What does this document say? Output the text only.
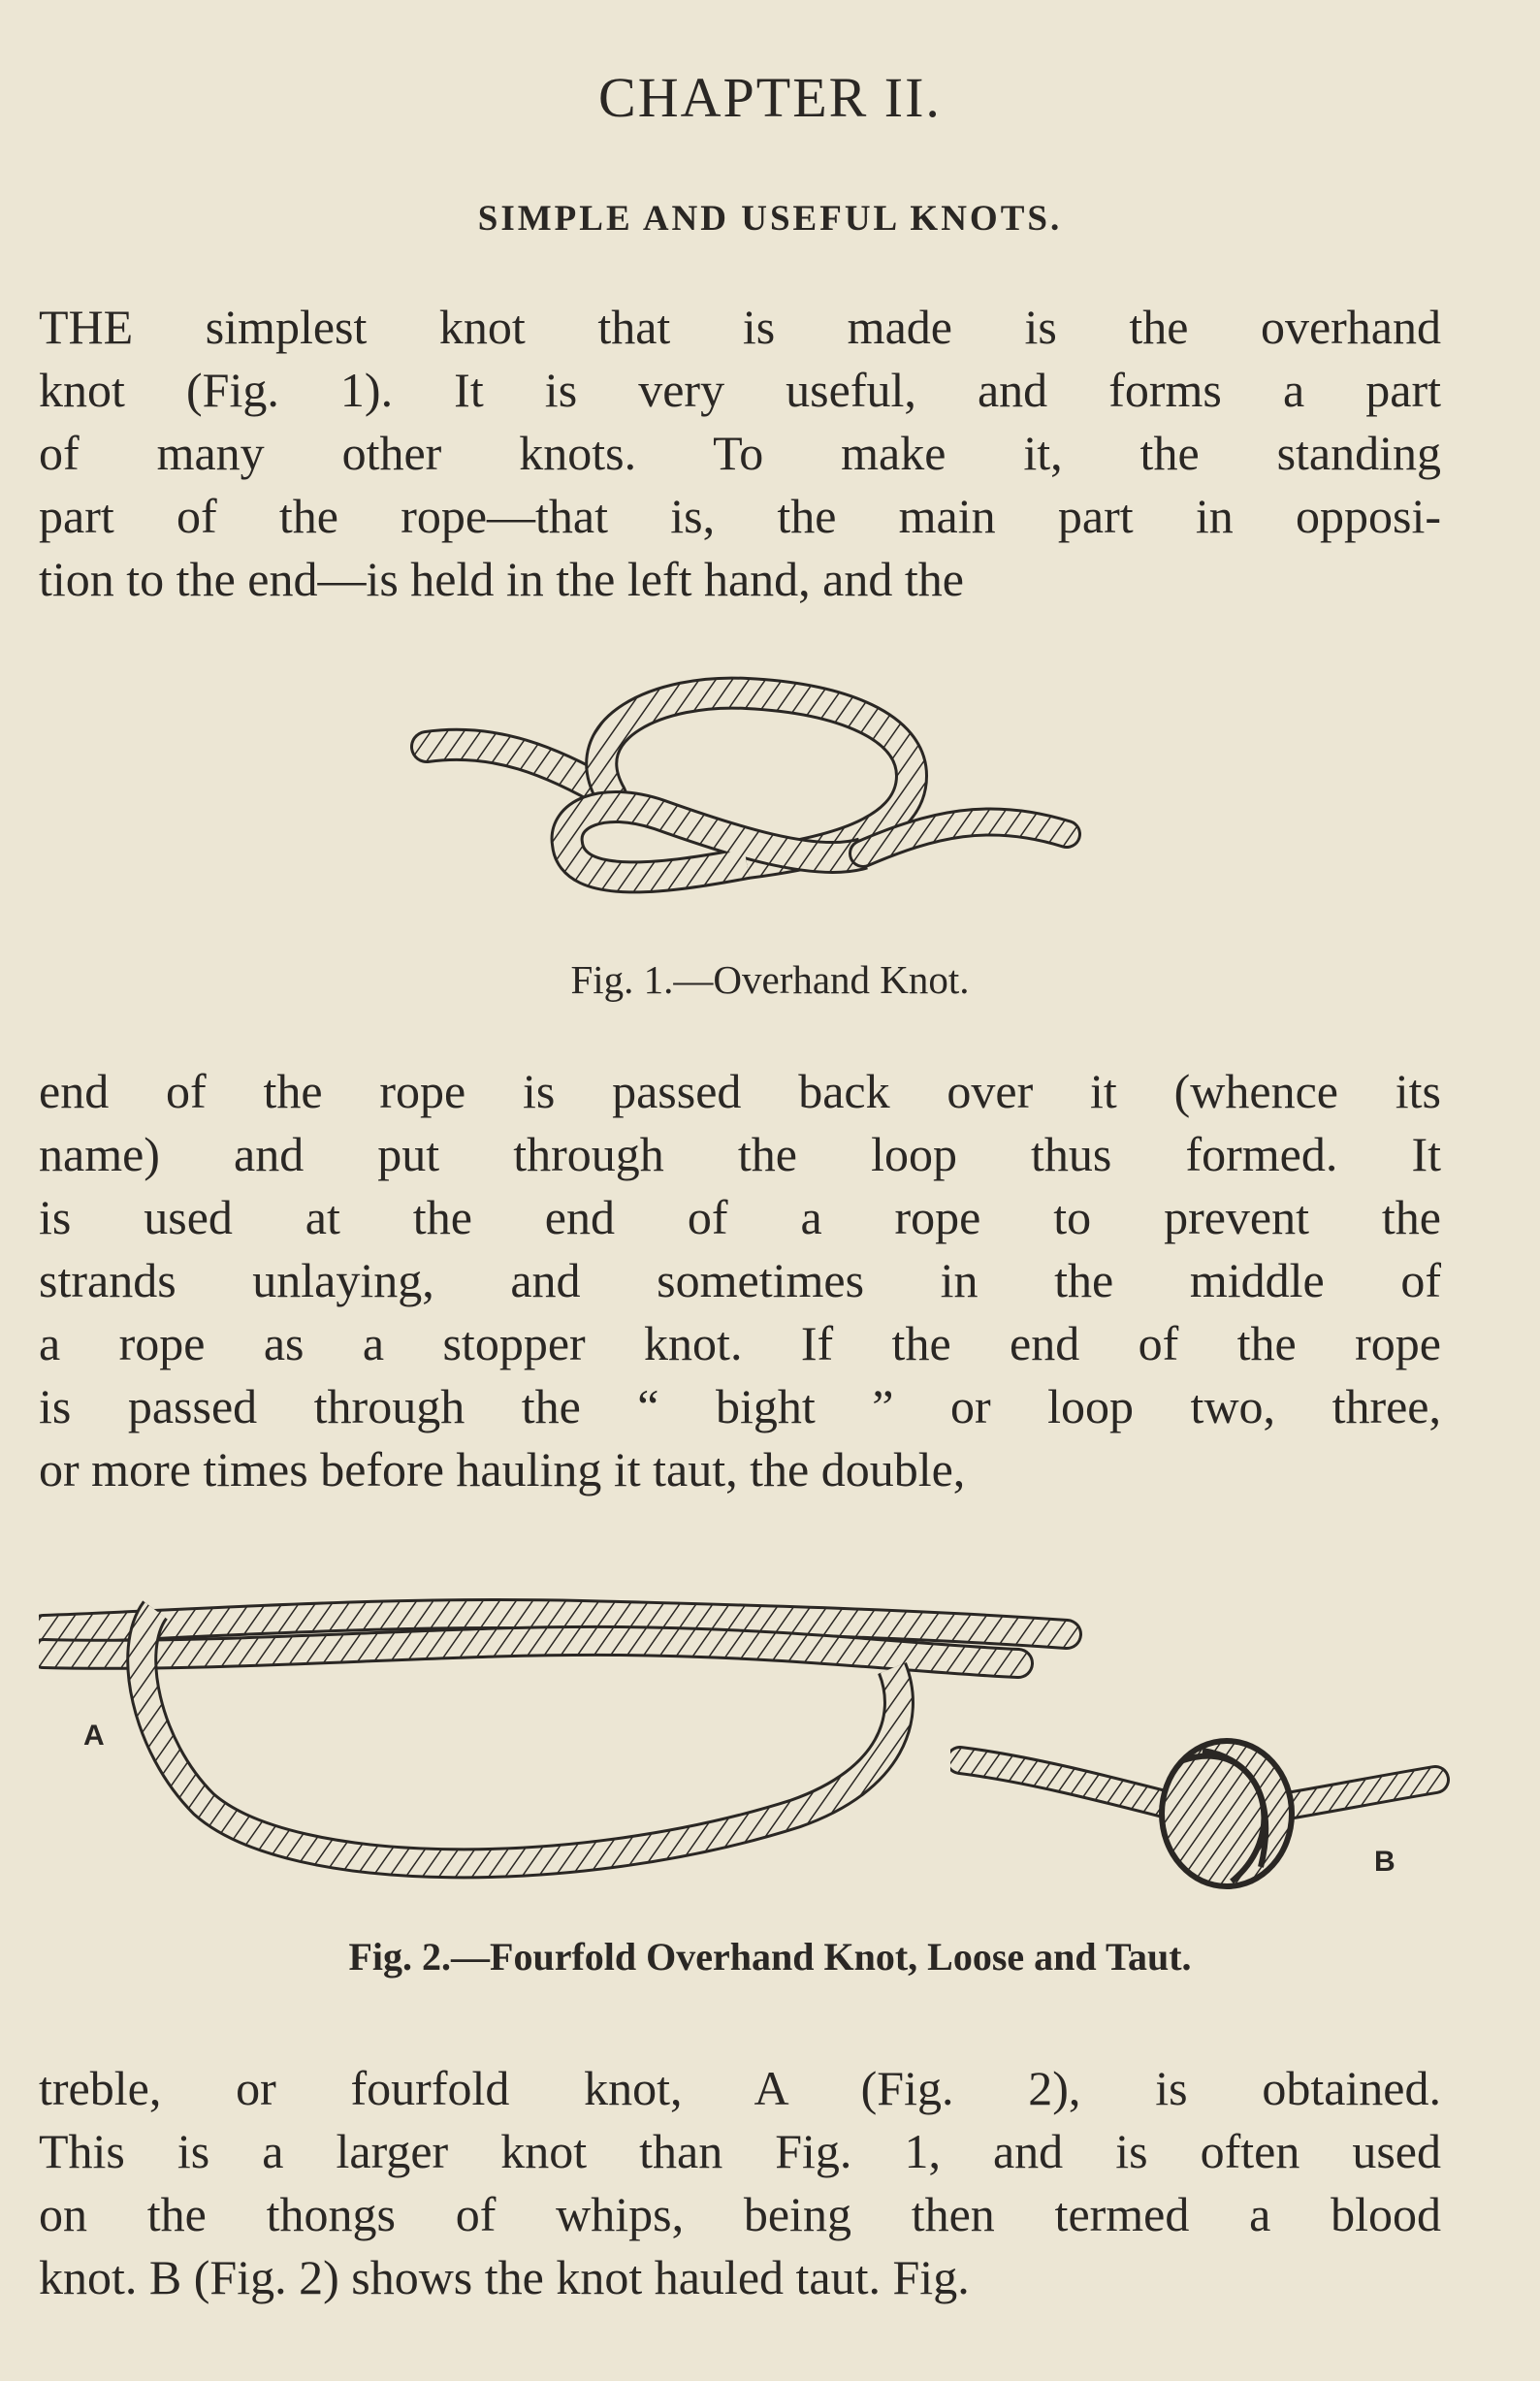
CHAPTER II.
SIMPLE AND USEFUL KNOTS.
THE simplest knot that is made is the overhand
knot (Fig. 1). It is very useful, and forms a part
of many other knots. To make it, the standing
part of the rope—that is, the main part in opposi-
tion to the end—is held in the left hand, and the
Fig. 1.—Overhand Knot.
end of the rope is passed back over it (whence its
name) and put through the loop thus formed. It
is used at the end of a rope to prevent the
strands unlaying, and sometimes in the middle of
a rope as a stopper knot. If the end of the rope
is passed through the “ bight ” or loop two, three,
or more times before hauling it taut, the double,
A
B
Fig. 2.—Fourfold Overhand Knot, Loose and Taut.
treble, or fourfold knot, A (Fig. 2), is obtained.
This is a larger knot than Fig. 1, and is often used
on the thongs of whips, being then termed a blood
knot. B (Fig. 2) shows the knot hauled taut. Fig.
